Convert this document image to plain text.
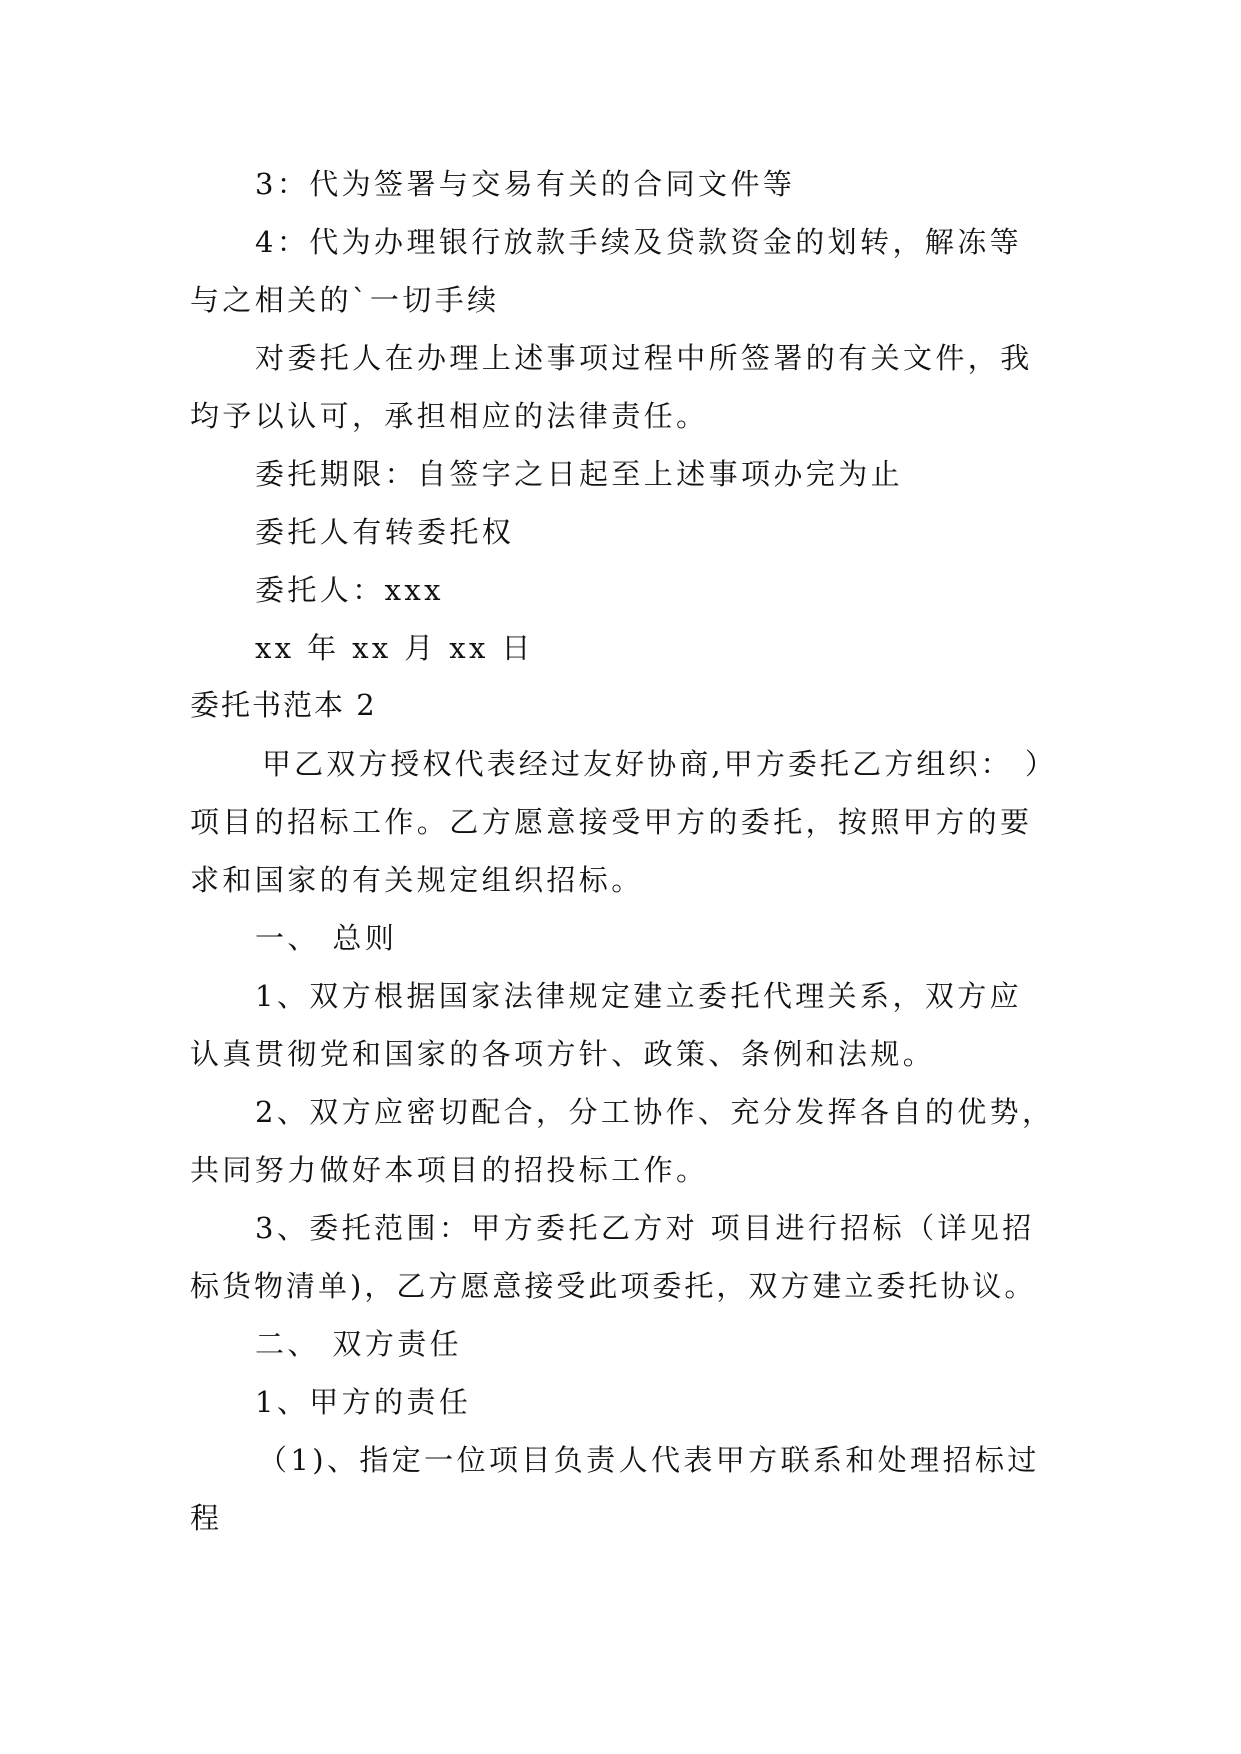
3：代为签署与交易有关的合同文件等

4：代为办理银行放款手续及贷款资金的划转，解冻等

与之相关的`一切手续

对委托人在办理上述事项过程中所签署的有关文件，我

均予以认可，承担相应的法律责任。

委托期限：自签字之日起至上述事项办完为止

委托人有转委托权

委托人：xxx

xx 年 xx 月 xx 日

委托书范本 2

甲乙双方授权代表经过友好协商,甲方委托乙方组织： ）

项目的招标工作。乙方愿意接受甲方的委托，按照甲方的要

求和国家的有关规定组织招标。

一、 总则

1、双方根据国家法律规定建立委托代理关系，双方应

认真贯彻党和国家的各项方针、政策、条例和法规。

2、双方应密切配合，分工协作、充分发挥各自的优势，

共同努力做好本项目的招投标工作。

3、委托范围：甲方委托乙方对 项目进行招标（详见招

标货物清单)，乙方愿意接受此项委托，双方建立委托协议。

二、 双方责任

1、甲方的责任

（1)、指定一位项目负责人代表甲方联系和处理招标过

程
